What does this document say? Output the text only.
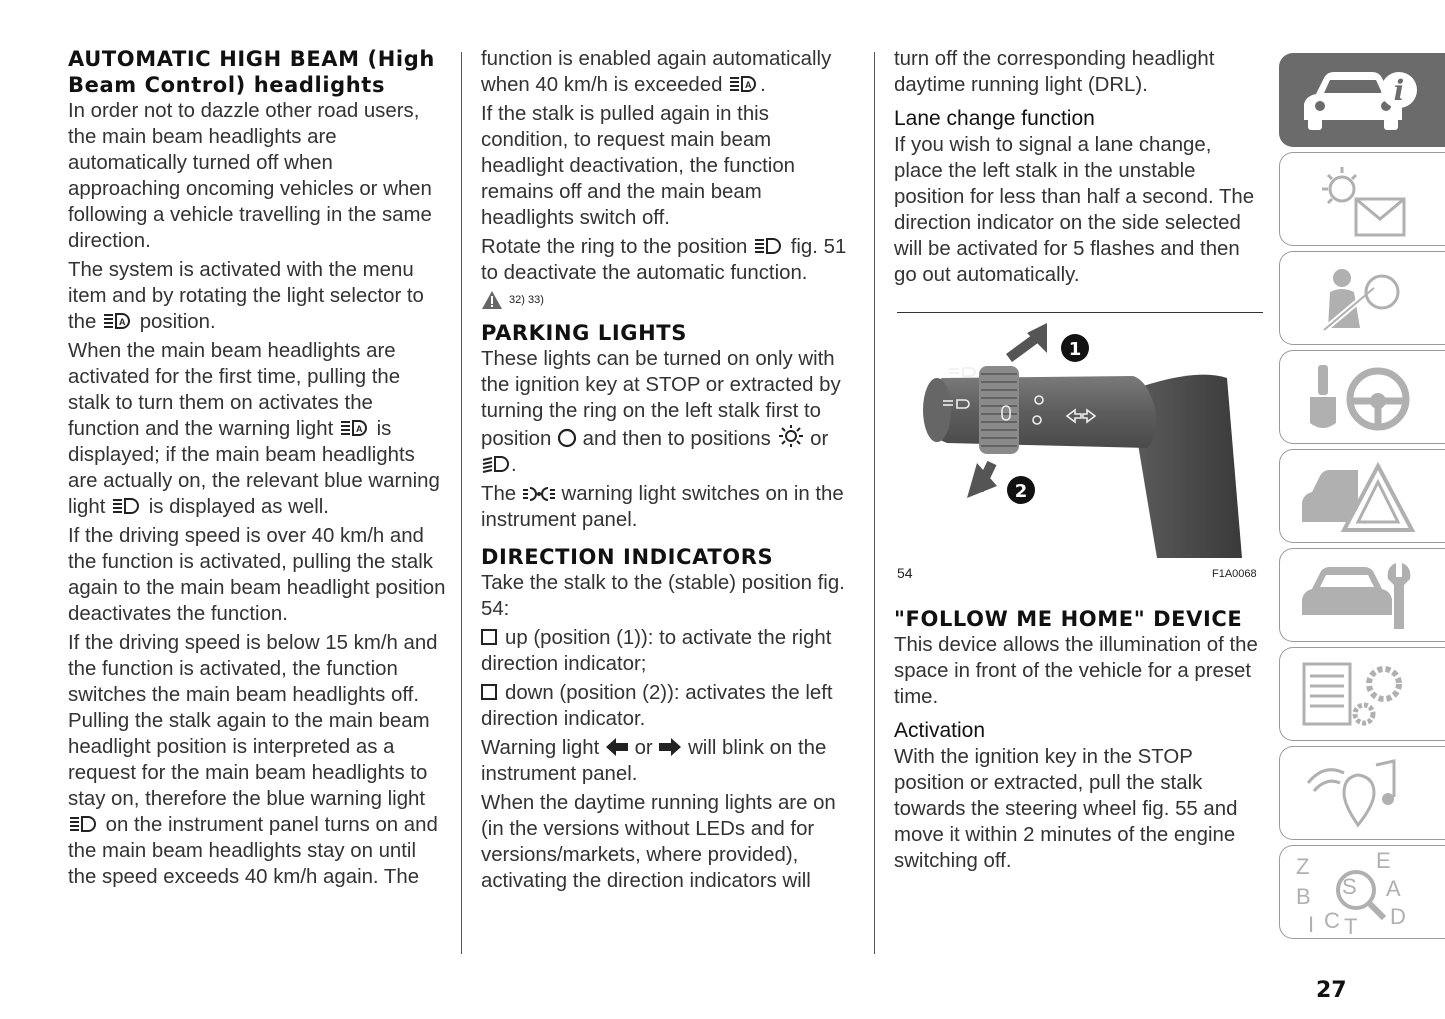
AUTOMATIC HIGH BEAM (High Beam Control) headlights

In order not to dazzle other road users, the main beam headlights are automatically turned off when approaching oncoming vehicles or when following a vehicle travelling in the same direction.

The system is activated with the menu item and by rotating the light selector to the	A position.

When the main beam headlights are activated for the first time, pulling the stalk to turn them on activates the function and the warning light	A is displayed; if the main beam headlights are actually on, the relevant blue warning light is displayed as well.

If the driving speed is over 40 km/h and the function is activated, pulling the stalk again to the main beam headlight position deactivates the function.

If the driving speed is below 15 km/h and the function is activated, the function switches the main beam headlights off. Pulling the stalk again to the main beam headlight position is interpreted as a request for the main beam headlights to stay on, therefore the blue warning light  on the instrument panel turns on and the main beam headlights stay on until the speed exceeds 40 km/h again. The

function is enabled again automatically when 40 km/h is exceeded	A .

If the stalk is pulled again in this condition, to request main beam headlight deactivation, the function remains off and the main beam headlights switch off.

Rotate the ring to the position fig. 51 to deactivate the automatic function.

32) 33)
PARKING LIGHTS

These lights can be turned on only with the ignition key at STOP or extracted by turning the ring on the left stalk first to position and then to positions or .

The warning light switches on in the instrument panel.

DIRECTION INDICATORS

Take the stalk to the (stable) position fig. 54:

up (position (1)): to activate the right direction indicator;

down (position (2)): activates the left direction indicator.

Warning light or will blink on the instrument panel.

When the daytime running lights are on (in the versions without LEDs and for versions/markets, where provided), activating the direction indicators will

turn off the corresponding headlight daytime running light (DRL).

Lane change function

If you wish to signal a lane change, place the left stalk in the unstable position for less than half a second. The direction indicator on the side selected will be activated for 5 flashes and then go out automatically.

1
2
54	F1A0068
"FOLLOW ME HOME" DEVICE

This device allows the illumination of the space in front of the vehicle for a preset time.

Activation

With the ignition key in the STOP position or extracted, pull the stalk towards the steering wheel fig. 55 and move it within 2 minutes of the engine switching off.

i
Z	E
A
B
C D
T
I
S
27
